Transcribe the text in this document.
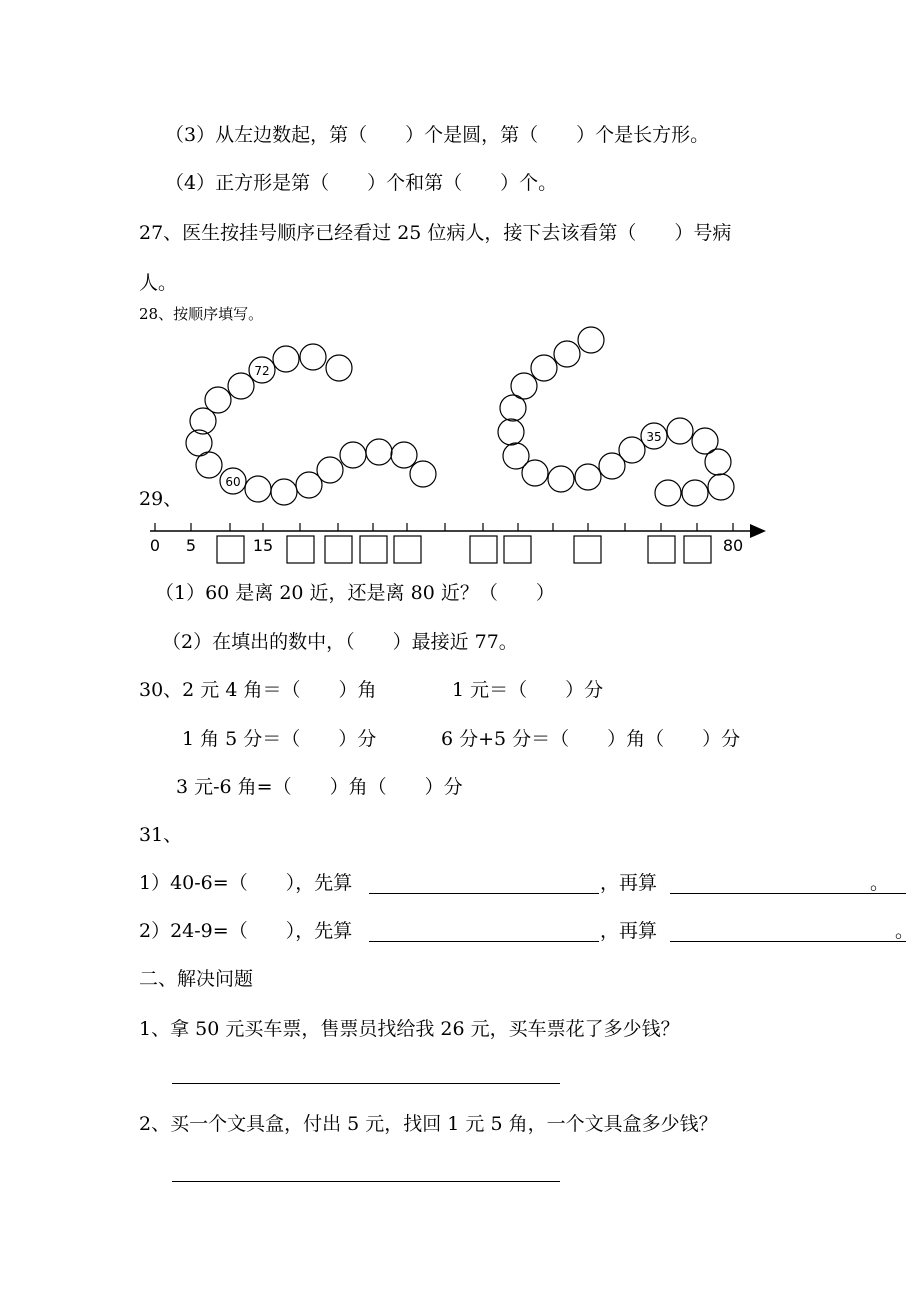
（3）从左边数起，第（　　）个是圆，第（　　）个是长方形。
（4）正方形是第（　　）个和第（　　）个。
27、医生按挂号顺序已经看过 25 位病人，接下去该看第（　　）号病
人。
28、按顺序填写。
72
60
35
0 5	15	80
29、
（1）60 是离 20 近，还是离 80 近？（　　）
（2）在填出的数中，（　　）最接近 77。
30、2 元 4 角＝（　　）角	1 元＝（　　）分
1 角 5 分＝（　　）分	6 分+5 分＝（　　）角（　　）分
3 元-6 角=（　　）角（　　）分
31、
1）40-6=（　　），先算	，再算	。
2）24-9=（　　），先算	，再算	。
二、解决问题
1、拿 50 元买车票，售票员找给我 26 元，买车票花了多少钱？
2、买一个文具盒，付出 5 元，找回 1 元 5 角，一个文具盒多少钱？
